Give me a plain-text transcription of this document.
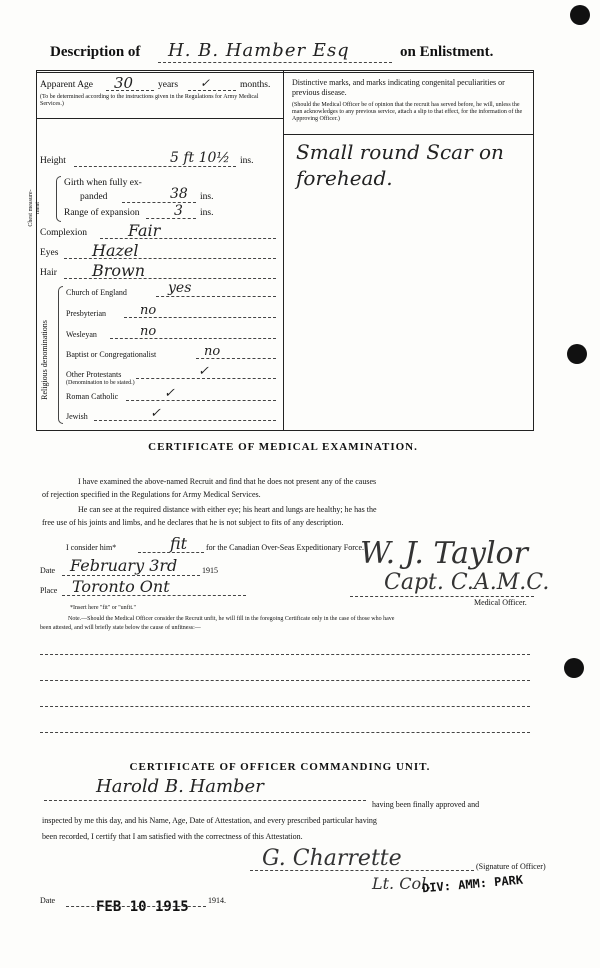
Description of H. B. Hamber Esq	on Enlistment.
Apparent Age 30	years ✓	months.
(To be determined according to the instructions given in the Regulations for Army Medical Services.)
Distinctive marks, and marks indicating congenital peculiarities or previous disease.
(Should the Medical Officer be of opinion that the recruit has served before, he will, unless the man acknowledges to any previous service, attach a slip to that effect, for the information of the Approving Officer.)
Small round Scar on
forehead.
Height	5 ft 10½ ins.
Chest measure-ment
Girth when fully ex-
panded	38 ins.
Range of expansion 3 ins.
Complexion	Fair
Eyes Hazel
Hair Brown
Religious denominations
Church of England	yes
Presbyterian	no
Wesleyan	no
Baptist or Congregationalist	no
Other Protestants	✓
(Denomination to be stated.)
Roman Catholic	✓
Jewish	✓
CERTIFICATE OF MEDICAL EXAMINATION.
I have examined the above-named Recruit and find that he does not present any of the causes
of rejection specified in the Regulations for Army Medical Services.
He can see at the required distance with either eye; his heart and lungs are healthy; he has the
free use of his joints and limbs, and he declares that he is not subject to fits of any description.
I consider him*	fit for the Canadian Over-Seas Expeditionary Force.
Date February 3rd	1915
Place Toronto Ont
W. J. Taylor
Capt. C.A.M.C.
Medical Officer.
*Insert here "fit" or "unfit."
Note.—Should the Medical Officer consider the Recruit unfit, he will fill in the foregoing Certificate only in the case of those who have
been attested, and will briefly state below the cause of unfitness:—
CERTIFICATE OF OFFICER COMMANDING UNIT.
Harold B. Hamber
having been finally approved and
inspected by me this day, and his Name, Age, Date of Attestation, and every prescribed particular having
been recorded, I certify that I am satisfied with the correctness of this Attestation.
G. Charrette	(Signature of Officer)
Lt. Col.
DIV: AMM: PARK
Date	FEB 10 1915 1914.
